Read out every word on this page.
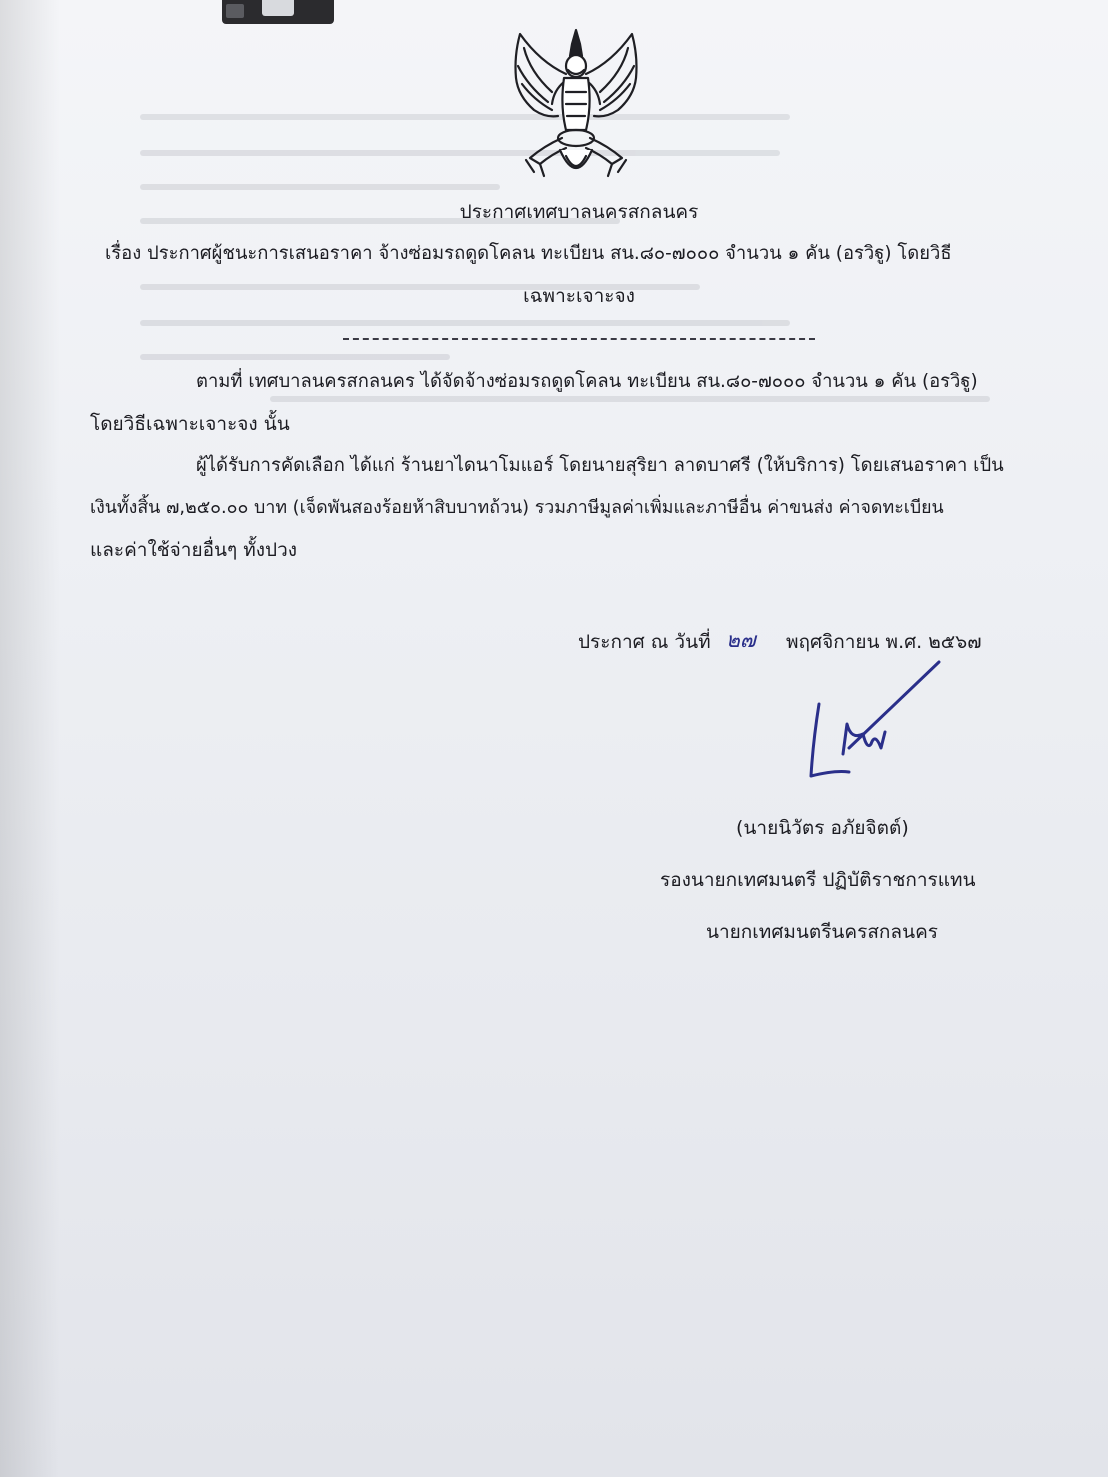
ประกาศเทศบาลนครสกลนคร

เรื่อง ประกาศผู้ชนะการเสนอราคา จ้างซ่อมรถดูดโคลน ทะเบียน สน.๘๐-๗๐๐๐ จำนวน ๑ คัน (อรวิฐู) โดยวิธี

เฉพาะเจาะจง

ตามที่ เทศบาลนครสกลนคร ได้จัดจ้างซ่อมรถดูดโคลน ทะเบียน สน.๘๐-๗๐๐๐ จำนวน ๑ คัน (อรวิฐู)

โดยวิธีเฉพาะเจาะจง นั้น

ผู้ได้รับการคัดเลือก ได้แก่ ร้านยาไดนาโมแอร์ โดยนายสุริยา ลาดบาศรี (ให้บริการ) โดยเสนอราคา เป็น

เงินทั้งสิ้น ๗,๒๕๐.๐๐ บาท (เจ็ดพันสองร้อยห้าสิบบาทถ้วน) รวมภาษีมูลค่าเพิ่มและภาษีอื่น ค่าขนส่ง ค่าจดทะเบียน

และค่าใช้จ่ายอื่นๆ ทั้งปวง

ประกาศ ณ วันที่ ๒๗ พฤศจิกายน พ.ศ. ๒๕๖๗

(นายนิวัตร อภัยจิตต์)

รองนายกเทศมนตรี ปฏิบัติราชการแทน

นายกเทศมนตรีนครสกลนคร
